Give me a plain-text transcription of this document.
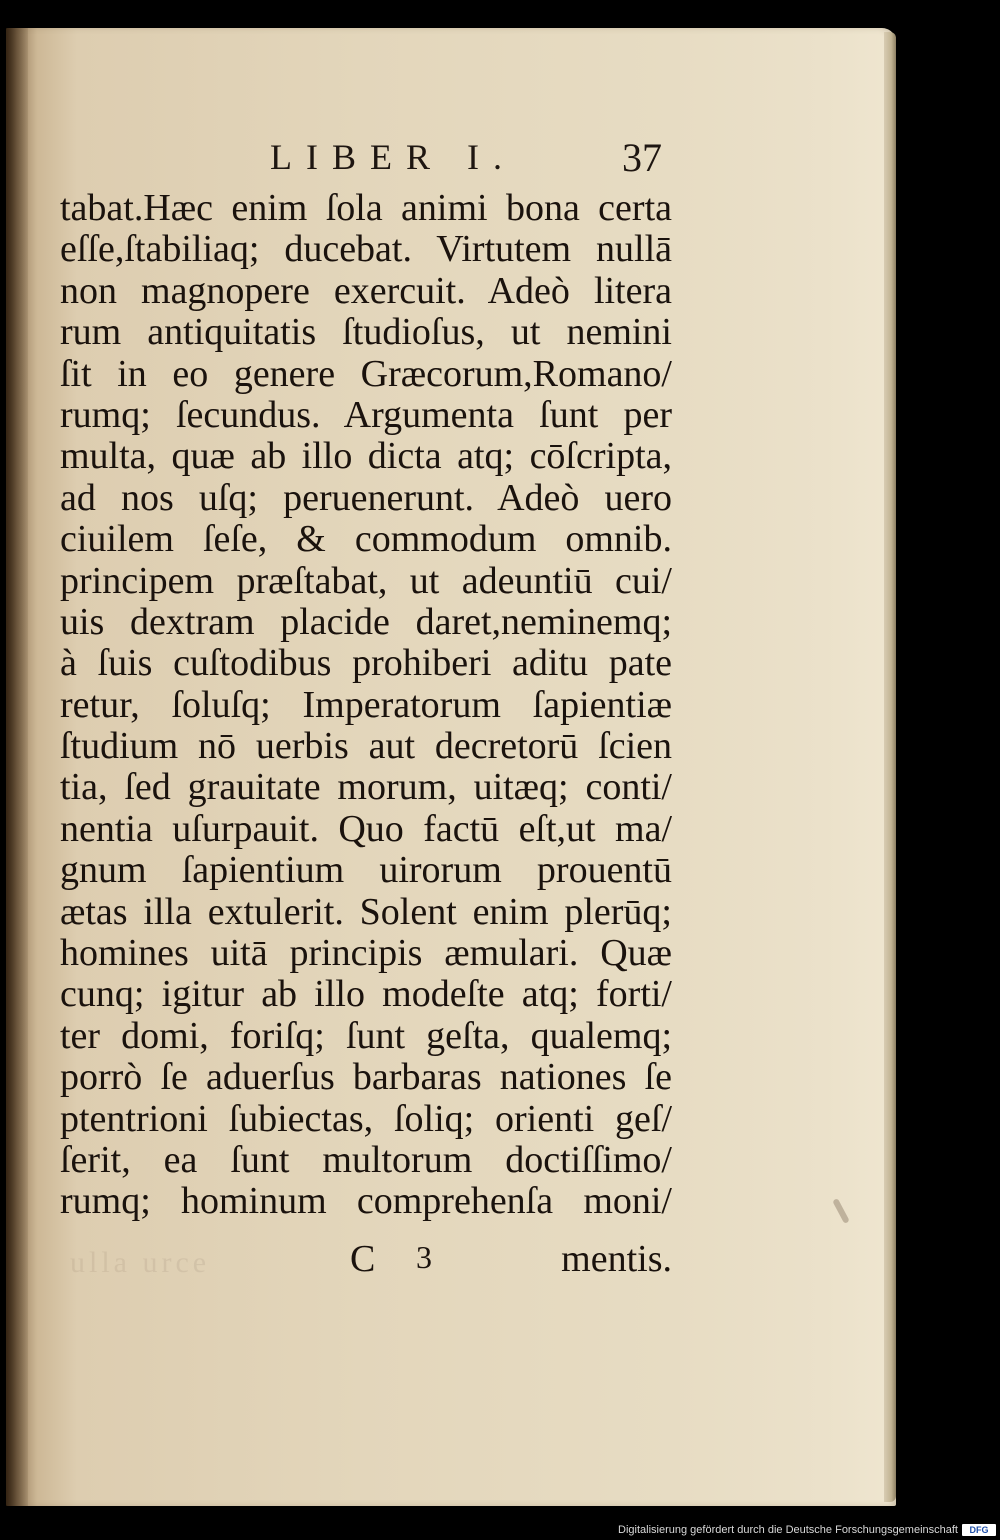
LIBER I.	37
tabat.Hæc enim ſola animi bona certa
eſſe,ſtabiliaq; ducebat. Virtutem nullā
non magnopere exercuit. Adeò litera
rum antiquitatis ſtudioſus, ut nemini
ſit in eo genere Græcorum,Romano/
rumq; ſecundus. Argumenta ſunt per
multa, quæ ab illo dicta atq; cōſcripta,
ad nos uſq; peruenerunt. Adeò uero
ciuilem ſeſe, & commodum omnib.
principem præſtabat, ut adeuntiū cui/
uis dextram placide daret,neminemq;
à ſuis cuſtodibus prohiberi aditu pate
retur, ſoluſq; Imperatorum ſapientiæ
ſtudium nō uerbis aut decretorū ſcien
tia, ſed grauitate morum, uitæq; conti/
nentia uſurpauit. Quo factū eſt,ut ma/
gnum ſapientium uirorum prouentū
ætas illa extulerit. Solent enim plerūq;
homines uitā principis æmulari. Quæ
cunq; igitur ab illo modeſte atq; forti/
ter domi, foriſq; ſunt geſta, qualemq;
porrò ſe aduerſus barbaras nationes ſe
ptentrioni ſubiectas, ſoliq; orienti geſ/
ſerit, ea ſunt multorum doctiſſimo/
rumq; hominum comprehenſa moni/
ulla urce	C 3	mentis.
Digitalisierung gefördert durch die Deutsche Forschungsgemeinschaft	DFG
